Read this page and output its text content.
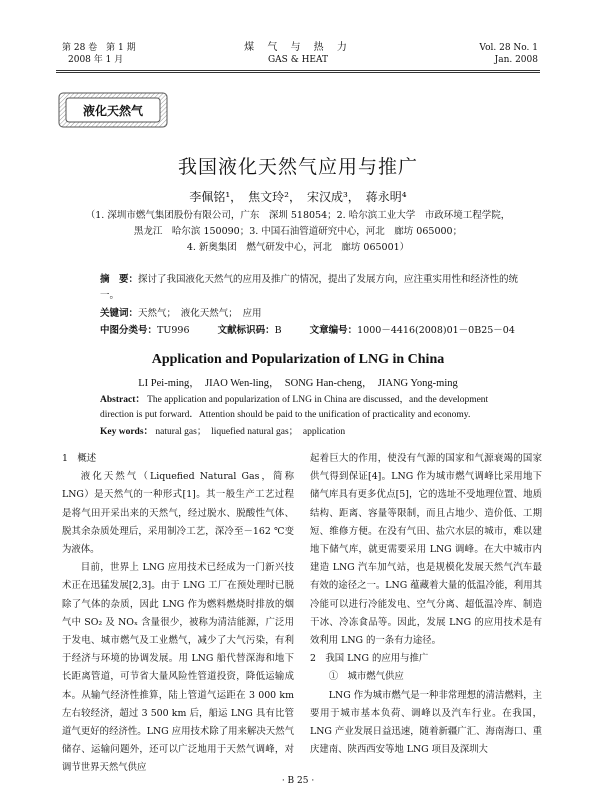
第 28 卷　第 1 期
2008 年 1 月
煤 气 与 热 力
GAS & HEAT
Vol. 28 No. 1
Jan. 2008
液化天然气
我国液化天然气应用与推广
李佩铭¹，　焦文玲²，　宋汉成³，　蒋永明⁴
（1. 深圳市燃气集团股份有限公司，广东　深圳 518054；2. 哈尔滨工业大学　市政环境工程学院，
黑龙江　哈尔滨 150090；3. 中国石油管道研究中心，河北　廊坊 065000；
4. 新奥集团　燃气研发中心，河北　廊坊 065001）
摘　要：探讨了我国液化天然气的应用及推广的情况，提出了发展方向，应注重实用性和经济性的统一。
关键词：天然气；　液化天然气；　应用
中图分类号：TU996	文献标识码：B	文章编号：1000－4416(2008)01－0B25－04
Application and Popularization of LNG in China
LI Pei-ming，　JIAO Wen-ling，　SONG Han-cheng，　JIANG Yong-ming
Abstract： The application and popularization of LNG in China are discussed，and the development direction is put forward．Attention should be paid to the unification of practicality and economy.
Key words： natural gas；　liquefied natural gas；　application

1　概述

液化天然气（Liquefied Natural Gas，简称 LNG）是天然气的一种形式[1]。其一般生产工艺过程是将气田开采出来的天然气，经过脱水、脱酸性气体、脱其余杂质处理后，采用制冷工艺，深冷至－162 ℃变为液体。

目前，世界上 LNG 应用技术已经成为一门新兴技术正在迅猛发展[2,3]。由于 LNG 工厂在预处理时已脱除了气体的杂质，因此 LNG 作为燃料燃烧时排放的烟气中 SO₂ 及 NOₓ 含量很少，被称为清洁能源，广泛用于发电、城市燃气及工业燃气，减少了大气污染，有利于经济与环境的协调发展。用 LNG 船代替深海和地下长距离管道，可节省大量风险性管道投资，降低运输成本。从输气经济性推算，陆上管道气运距在 3 000 km 左右较经济，超过 3 500 km 后，船运 LNG 具有比管道气更好的经济性。LNG 应用技术除了用来解决天然气储存、运输问题外，还可以广泛地用于天然气调峰，对调节世界天然气供应

起着巨大的作用，使没有气源的国家和气源衰竭的国家供气得到保证[4]。LNG 作为城市燃气调峰比采用地下储气库具有更多优点[5]，它的选址不受地理位置、地质结构、距离、容量等限制，而且占地少、造价低、工期短、维修方便。在没有气田、盐穴水层的城市，难以建地下储气库，就更需要采用 LNG 调峰。在大中城市内建造 LNG 汽车加气站，也是规模化发展天然气汽车最有效的途径之一。LNG 蕴藏着大量的低温冷能，利用其冷能可以进行冷能发电、空气分离、超低温冷库、制造干冰、冷冻食品等。因此，发展 LNG 的应用技术是有效利用 LNG 的一条有力途径。

2　我国 LNG 的应用与推广

①　城市燃气供应

LNG 作为城市燃气是一种非常理想的清洁燃料，主要用于城市基本负荷、调峰以及汽车行业。在我国，LNG 产业发展日益迅速，随着新疆广汇、海南海口、重庆建南、陕西西安等地 LNG 项目及深圳大

· B 25 ·
